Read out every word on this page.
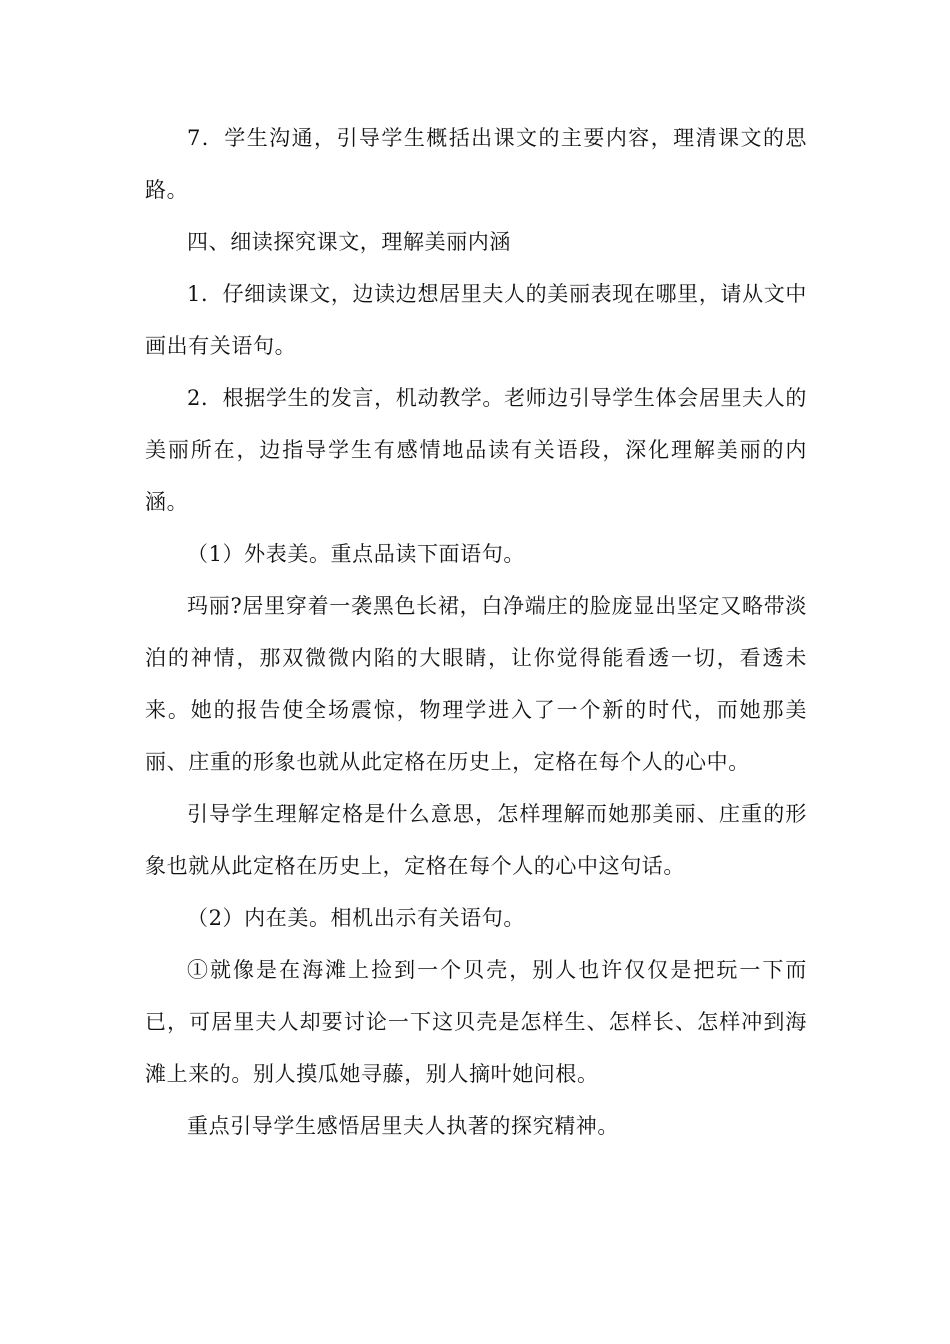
7．学生沟通，引导学生概括出课文的主要内容，理清课文的思路。

四、细读探究课文，理解美丽内涵

1．仔细读课文，边读边想居里夫人的美丽表现在哪里，请从文中画出有关语句。

2．根据学生的发言，机动教学。老师边引导学生体会居里夫人的美丽所在，边指导学生有感情地品读有关语段，深化理解美丽的内涵。

（1）外表美。重点品读下面语句。

玛丽?居里穿着一袭黑色长裙，白净端庄的脸庞显出坚定又略带淡泊的神情，那双微微内陷的大眼睛，让你觉得能看透一切，看透未来。她的报告使全场震惊，物理学进入了一个新的时代，而她那美丽、庄重的形象也就从此定格在历史上，定格在每个人的心中。

引导学生理解定格是什么意思，怎样理解而她那美丽、庄重的形象也就从此定格在历史上，定格在每个人的心中这句话。

（2）内在美。相机出示有关语句。

①就像是在海滩上捡到一个贝壳，别人也许仅仅是把玩一下而已，可居里夫人却要讨论一下这贝壳是怎样生、怎样长、怎样冲到海滩上来的。别人摸瓜她寻藤，别人摘叶她问根。

重点引导学生感悟居里夫人执著的探究精神。
